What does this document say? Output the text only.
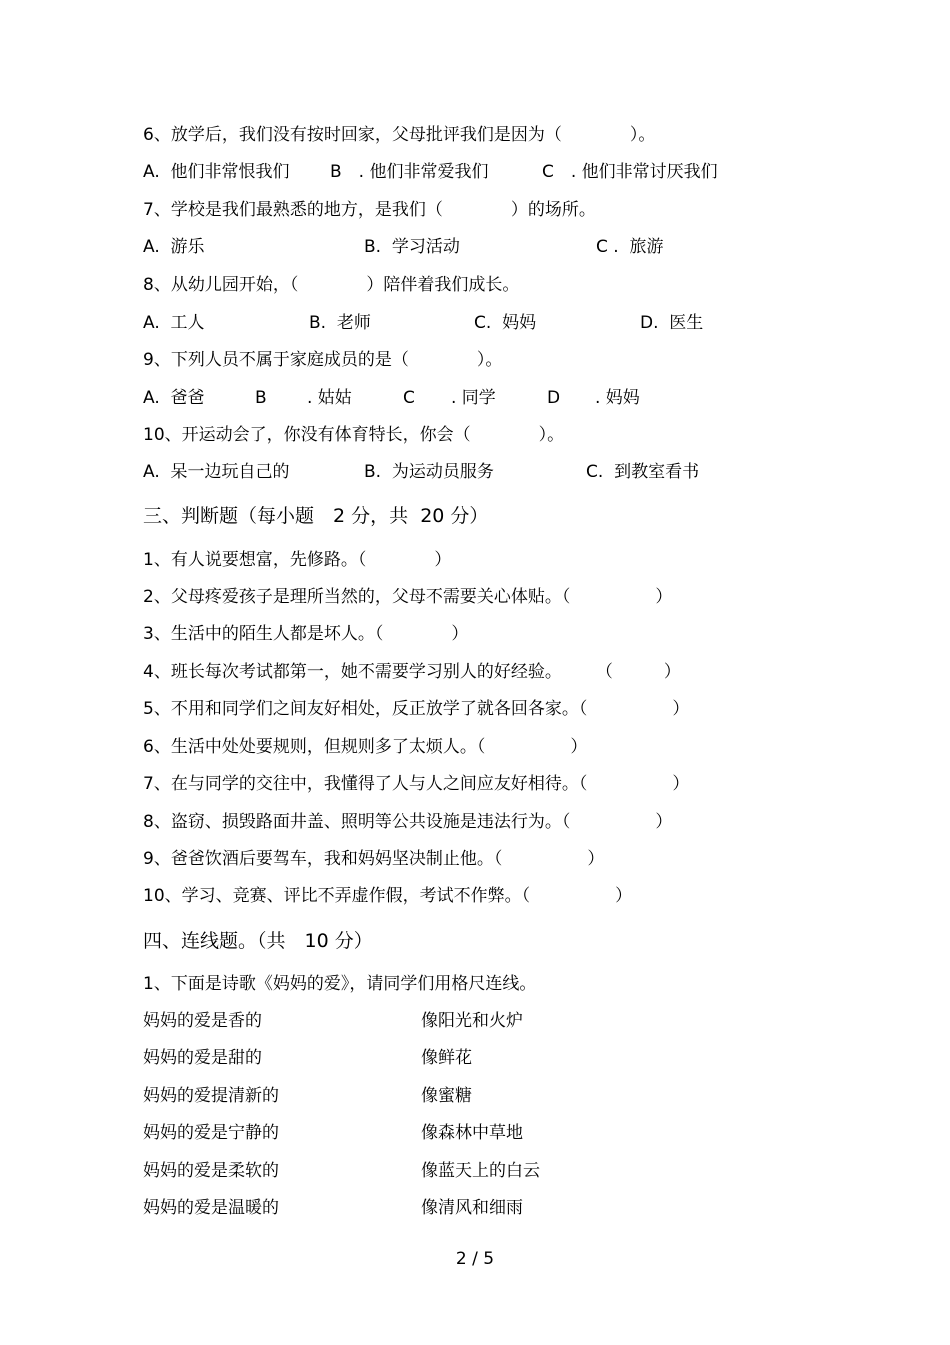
6、放学后，我们没有按时回家，父母批评我们是因为（　　　　）。
A.  他们非常恨我们 B　. 他们非常爱我们	C　. 他们非常讨厌我们
7、学校是我们最熟悉的地方，是我们（　　　　）的场所。
A.  游乐	B.  学习活动	C .  旅游
8、从幼儿园开始，（　　　　）陪伴着我们成长。
A.  工人	B.  老师	C.  妈妈	D.  医生
9、下列人员不属于家庭成员的是（　　　　）。
A.  爸爸	B . 姑姑	C . 同学	D . 妈妈
10、开运动会了，你没有体育特长，你会（　　　　）。
A.  呆一边玩自己的	B.  为运动员服务	C.  到教室看书
三、判断题（每小题　2 分，共  20 分）
1、有人说要想富，先修路。（　　　　）
2、父母疼爱孩子是理所当然的，父母不需要关心体贴。（　　　　　）
3、生活中的陌生人都是坏人。（　　　　）
4、班长每次考试都第一，她不需要学习别人的好经验。　　　（　　　）
5、不用和同学们之间友好相处，反正放学了就各回各家。（　　　　　）
6、生活中处处要规则，但规则多了太烦人。（　　　　　）
7、在与同学的交往中，我懂得了人与人之间应友好相待。（　　　　　）
8、盗窃、损毁路面井盖、照明等公共设施是违法行为。（　　　　　）
9、爸爸饮酒后要驾车，我和妈妈坚决制止他。（　　　　　）
10、学习、竞赛、评比不弄虚作假，考试不作弊。（　　　　　）
四、连线题。（共　10 分）
1、下面是诗歌《妈妈的爱》，请同学们用格尺连线。
妈妈的爱是香的	像阳光和火炉
妈妈的爱是甜的	像鲜花
妈妈的爱提清新的	像蜜糖
妈妈的爱是宁静的	像森林中草地
妈妈的爱是柔软的	像蓝天上的白云
妈妈的爱是温暖的	像清风和细雨
2 / 5
